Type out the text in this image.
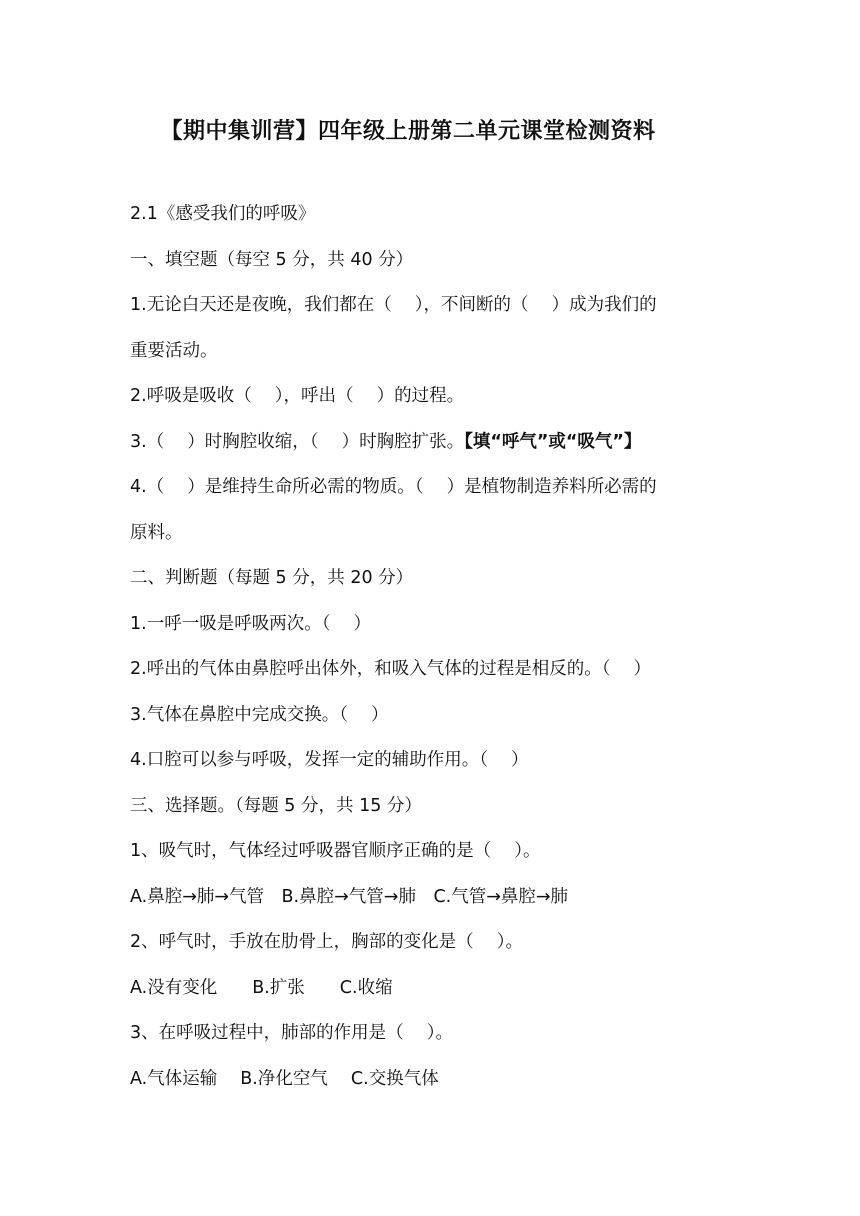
【期中集训营】四年级上册第二单元课堂检测资料
2.1《感受我们的呼吸》
一、填空题（每空 5 分，共 40 分）
1.无论白天还是夜晚，我们都在（　 ），不间断的（　 ）成为我们的
重要活动。
2.呼吸是吸收（　 ），呼出（　 ）的过程。
3.（　 ）时胸腔收缩，（　 ）时胸腔扩张。【填“呼气”或“吸气”】
4.（　 ）是维持生命所必需的物质。（　 ）是植物制造养料所必需的
原料。
二、判断题（每题 5 分，共 20 分）
1.一呼一吸是呼吸两次。（　 ）
2.呼出的气体由鼻腔呼出体外，和吸入气体的过程是相反的。（　 ）
3.气体在鼻腔中完成交换。（　 ）
4.口腔可以参与呼吸，发挥一定的辅助作用。（　 ）
三、选择题。（每题 5 分，共 15 分）
1、吸气时，气体经过呼吸器官顺序正确的是（　 ）。
A.鼻腔→肺→气管　B.鼻腔→气管→肺　C.气管→鼻腔→肺
2、呼气时，手放在肋骨上，胸部的变化是（　 ）。
A.没有变化　　B.扩张　　C.收缩
3、在呼吸过程中，肺部的作用是（　 ）。
A.气体运输　 B.净化空气　 C.交换气体
